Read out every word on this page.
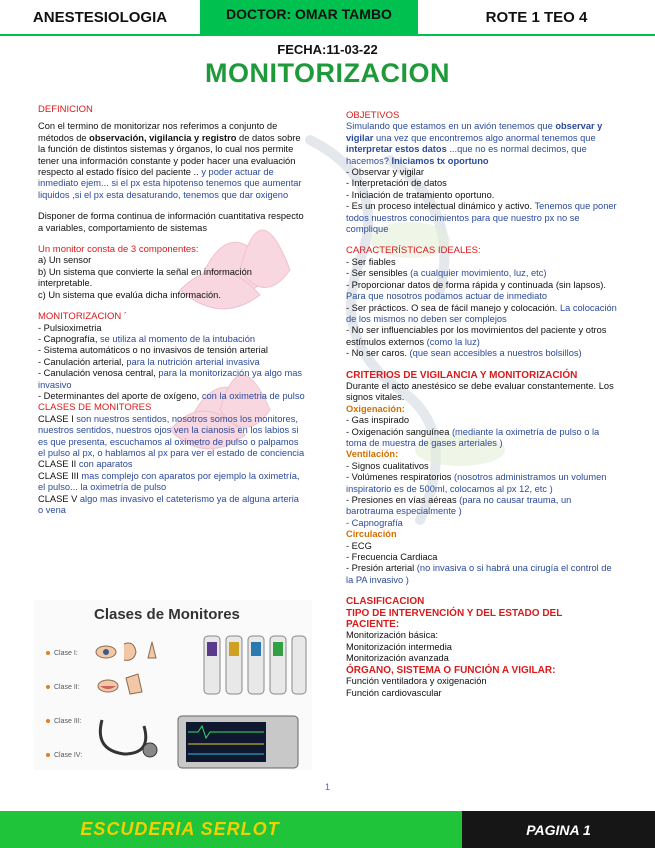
ANESTESIOLOGIA	DOCTOR: OMAR TAMBO	ROTE 1 TEO 4
FECHA:11-03-22
MONITORIZACION

DEFINICION

Con el termino de monitorizar nos referimos a conjunto de métodos de observación, vigilancia y registro de datos sobre la función de distintos sistemas y órganos, lo cual nos permite tener una información constante y poder hacer una evaluación respecto al estado físico del paciente .. y poder actuar de inmediato ejem... si el px esta hipotenso tenemos que aumentar liquidos ,si el px esta desaturando, tenemos que dar oxigeno

Disponer de forma continua de información cuantitativa respecto a variables, comportamiento de sistemas

Un monitor consta de 3 componentes:

a) Un sensor

b) Un sistema que convierte la señal en información interpretable.

c) Un sistema que evalúa dicha información.

MONITORIZACION ´

- Pulsioximetria

- Capnografía, se utiliza al momento de la intubación

- Sistema automáticos o no invasivos de tensión arterial

- Canulación arterial, para la nutrición arterial invasiva

- Canulación venosa central, para la monitorización ya algo mas invasivo

- Determinantes del aporte de oxígeno, con la oximetria de pulso

CLASES DE MONITORES

CLASE I son nuestros sentidos, nosotros somos los monitores, nuestros sentidos, nuestros ojos ven la cianosis en los labios si es que presenta, escuchamos al oximetro de pulso o palpamos el pulso al px, o hablamos al px para ver el estado de conciencia

CLASE II con aparatos

CLASE III mas complejo con aparatos por ejemplo la oximetría, el pulso... la oximetría de pulso

CLASE V algo mas invasivo el cateterismo ya de alguna arteria o vena

Clases de Monitores
Clase I:
Clase II:
Clase III:
Clase IV:

OBJETIVOS

Simulando que estamos en un avión tenemos que observar y vigilar una vez que encontremos algo anormal tenemos que interpretar estos datos ...que no es normal decimos, que hacemos? Iniciamos tx oportuno

- Observar y vigilar

- Interpretación de datos

- Iniciación de tratamiento oportuno.

- Es un proceso intelectual dinámico y activo. Tenemos que poner todos nuestros conocimientos para que nuestro px no se complique

CARACTERÍSTICAS IDEALES:

- Ser fiables

- Ser sensibles (a cualquier movimiento, luz, etc)

- Proporcionar datos de forma rápida y continuada (sin lapsos). Para que nosotros podamos actuar de inmediato

- Ser prácticos. O sea de fácil manejo y colocación. La colocación de los mismos no deben ser complejos

- No ser influenciables por los movimientos del paciente y otros estímulos externos (como la luz)

- No ser caros. (que sean accesibles a nuestros bolsillos)

CRITERIOS DE VIGILANCIA Y MONITORIZACIÓN

Durante el acto anestésico se debe evaluar constantemente. Los signos vitales.

Oxigenación:

- Gas inspirado

- Oxigenación sanguínea (mediante la oximetría de pulso o la toma de muestra de gases arteriales )

Ventilación:

- Signos cualitativos

- Volúmenes respiratorios (nosotros administramos un volumen inspiratorio es de 500ml, colocamos al px 12, etc )

- Presiones en vías aéreas (para no causar trauma, un barotrauma especialmente )

- Capnografía

Circulación

- ECG

- Frecuencia Cardiaca

- Presión arterial (no invasiva o si habrá una cirugía el control de la PA invasivo )

CLASIFICACION

TIPO DE INTERVENCIÓN Y DEL ESTADO DEL PACIENTE:

Monitorización básica:

Monitorización intermedia

Monitorización avanzada

ÓRGANO, SISTEMA O FUNCIÓN A VIGILAR:

Función ventiladora y oxigenación

Función cardiovascular

1
ESCUDERIA SERLOT	PAGINA 1
